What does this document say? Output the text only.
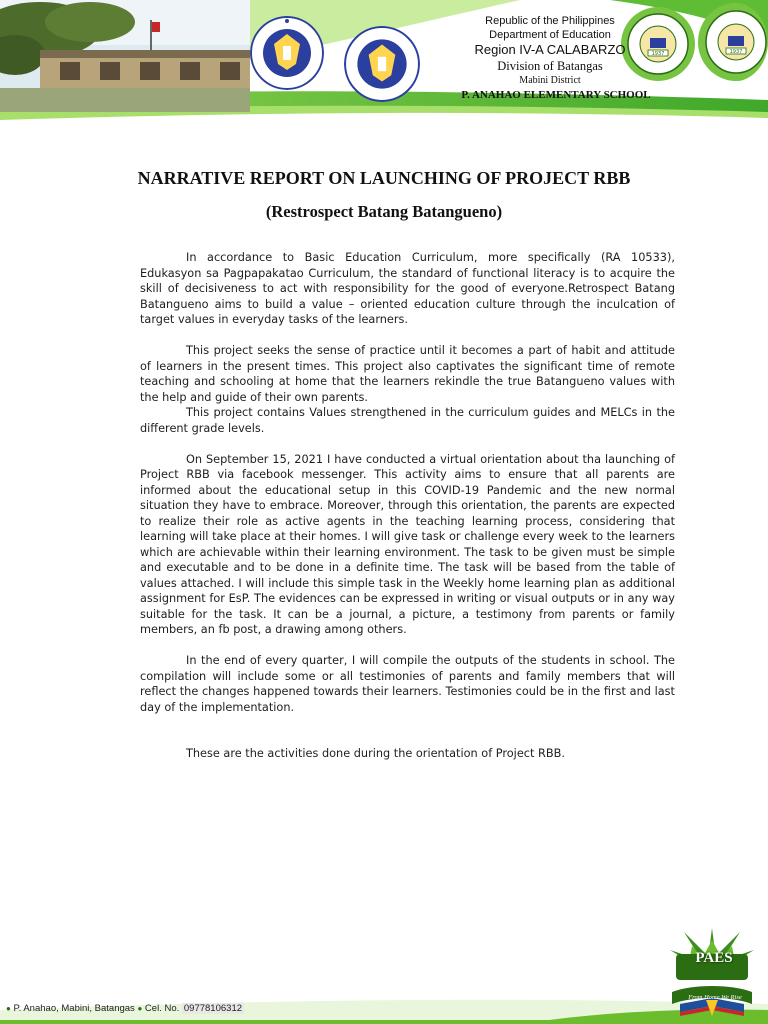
1937	1937
Republic of the Philippines
Department of Education
Region IV-A CALABARZO
Division of Batangas
Mabini District
P. ANAHAO ELEMENTARY SCHOOL
NARRATIVE REPORT ON LAUNCHING OF PROJECT RBB
(Restrospect Batang Batangueno)

In accordance to Basic Education Curriculum, more specifically (RA 10533), Edukasyon sa Pagpapakatao Curriculum, the standard of functional literacy is to acquire the skill of decisiveness to act with responsibility for the good of everyone.Retrospect Batang Batangueno aims to build a value – oriented education culture through the inculcation of target values in everyday tasks of the learners.

This project seeks the sense of practice until it becomes a part of habit and attitude of learners in the present times. This project also captivates the significant time of remote teaching and schooling at home that the learners rekindle the true Batangueno values with the help and guide of their own parents.

This project contains Values strengthened in the curriculum guides and MELCs in the different grade levels.

On September 15, 2021 I have conducted a virtual orientation about tha launching of Project RBB via facebook messenger. This activity aims to ensure that all parents are informed about the educational setup in this COVID-19 Pandemic and the new normal situation they have to embrace. Moreover, through this orientation, the parents are expected to realize their role as active agents in the teaching learning process, considering that learning will take place at their homes. I will give task or challenge every week to the learners which are achievable within their learning environment. The task to be given must be simple and executable and to be done in a definite time. The task will be based from the table of values attached. I will include this simple task in the Weekly home learning plan as additional assignment for EsP. The evidences can be expressed in writing or visual outputs or in any way suitable for the task. It can be a journal, a picture, a testimony from parents or family members, an fb post, a drawing among others.

In the end of every quarter, I will compile the outputs of the students in school. The compilation will include some or all testimonies of parents and family members that will reflect the changes happened towards their learners. Testimonies could be in the first and last day of the implementation.

These are the activities done during the orientation of Project RBB.

PAES
From Home We Rise
● P. Anahao, Mabini, Batangas ● Cel. No. 09778106312
